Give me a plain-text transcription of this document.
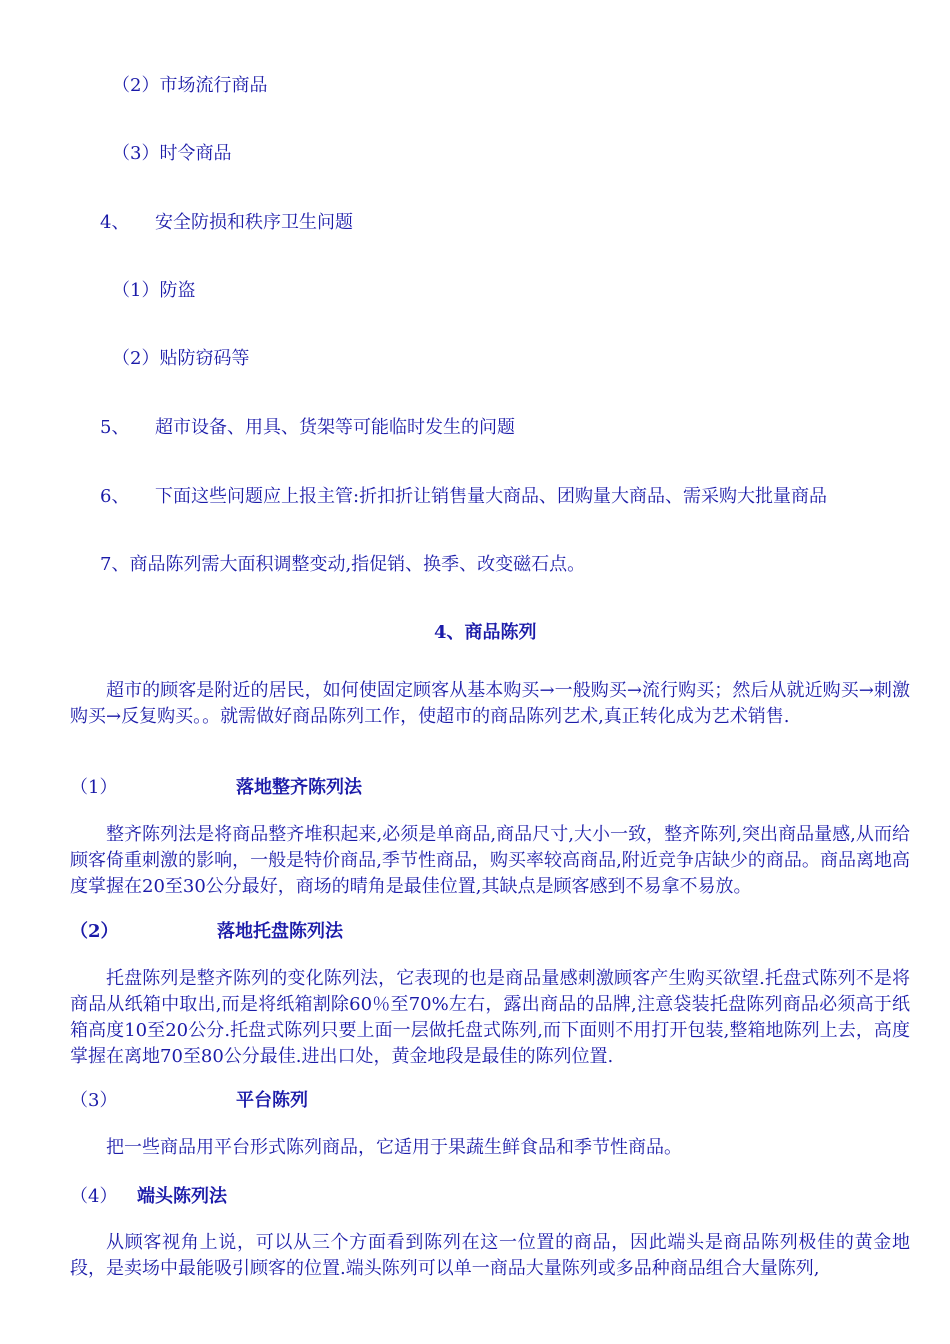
（2）市场流行商品
（3）时令商品
4、 安全防损和秩序卫生问题
（1）防盗
（2）贴防窃码等
5、 超市设备、用具、货架等可能临时发生的问题
6、 下面这些问题应上报主管:折扣折让销售量大商品、团购量大商品、需采购大批量商品
7、商品陈列需大面积调整变动,指促销、换季、改变磁石点。
4、商品陈列
超市的顾客是附近的居民，如何使固定顾客从基本购买→一般购买→流行购买；然后从就近购买→刺激购买→反复购买。。就需做好商品陈列工作，使超市的商品陈列艺术,真正转化成为艺术销售.
（1）	落地整齐陈列法
整齐陈列法是将商品整齐堆积起来,必须是单商品,商品尺寸,大小一致，整齐陈列,突出商品量感,从而给顾客倚重刺激的影响，一般是特价商品,季节性商品，购买率较高商品,附近竞争店缺少的商品。商品离地高度掌握在20至30公分最好，商场的晴角是最佳位置,其缺点是顾客感到不易拿不易放。
（2）	落地托盘陈列法
托盘陈列是整齐陈列的变化陈列法，它表现的也是商品量感刺激顾客产生购买欲望.托盘式陈列不是将商品从纸箱中取出,而是将纸箱割除60％至70%左右，露出商品的品牌,注意袋装托盘陈列商品必须高于纸箱高度10至20公分.托盘式陈列只要上面一层做托盘式陈列,而下面则不用打开包装,整箱地陈列上去，高度掌握在离地70至80公分最佳.进出口处，黄金地段是最佳的陈列位置.
（3）	平台陈列
把一些商品用平台形式陈列商品，它适用于果蔬生鲜食品和季节性商品。
（4） 端头陈列法
从顾客视角上说，可以从三个方面看到陈列在这一位置的商品，因此端头是商品陈列极佳的黄金地段，是卖场中最能吸引顾客的位置.端头陈列可以单一商品大量陈列或多品种商品组合大量陈列,
